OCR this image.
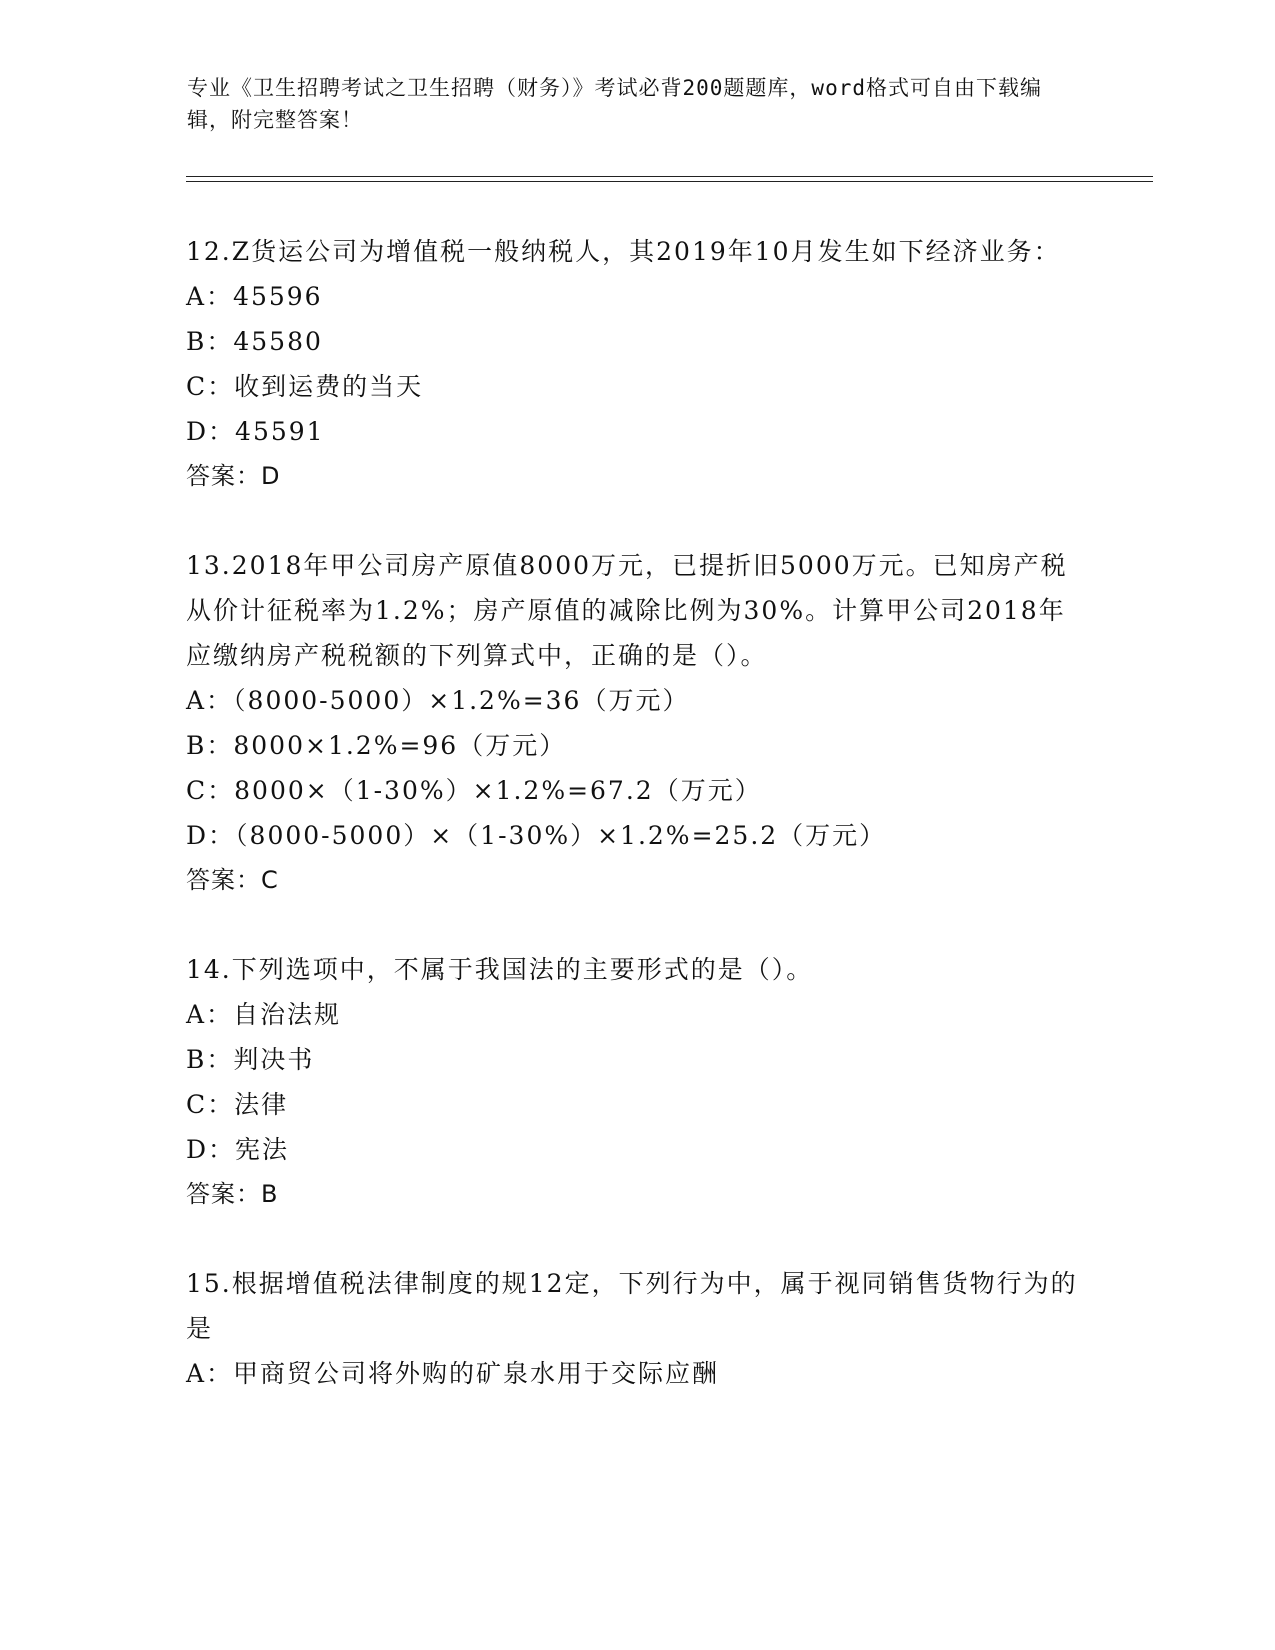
专业《卫生招聘考试之卫生招聘（财务）》考试必背200题题库，word格式可自由下载编辑，附完整答案！

12.Z货运公司为增值税一般纳税人，其2019年10月发生如下经济业务：

A：45596

B：45580

C：收到运费的当天

D：45591

答案：D

13.2018年甲公司房产原值8000万元，已提折旧5000万元。已知房产税从价计征税率为1.2%；房产原值的减除比例为30%。计算甲公司2018年应缴纳房产税税额的下列算式中，正确的是（）。

A：（8000-5000）×1.2%=36（万元）

B：8000×1.2%=96（万元）

C：8000×（1-30%）×1.2%=67.2（万元）

D：（8000-5000）×（1-30%）×1.2%=25.2（万元）

答案：C

14.下列选项中，不属于我国法的主要形式的是（）。

A：自治法规

B：判决书

C：法律

D：宪法

答案：B

15.根据增值税法律制度的规12定，下列行为中，属于视同销售货物行为的是

A：甲商贸公司将外购的矿泉水用于交际应酬
